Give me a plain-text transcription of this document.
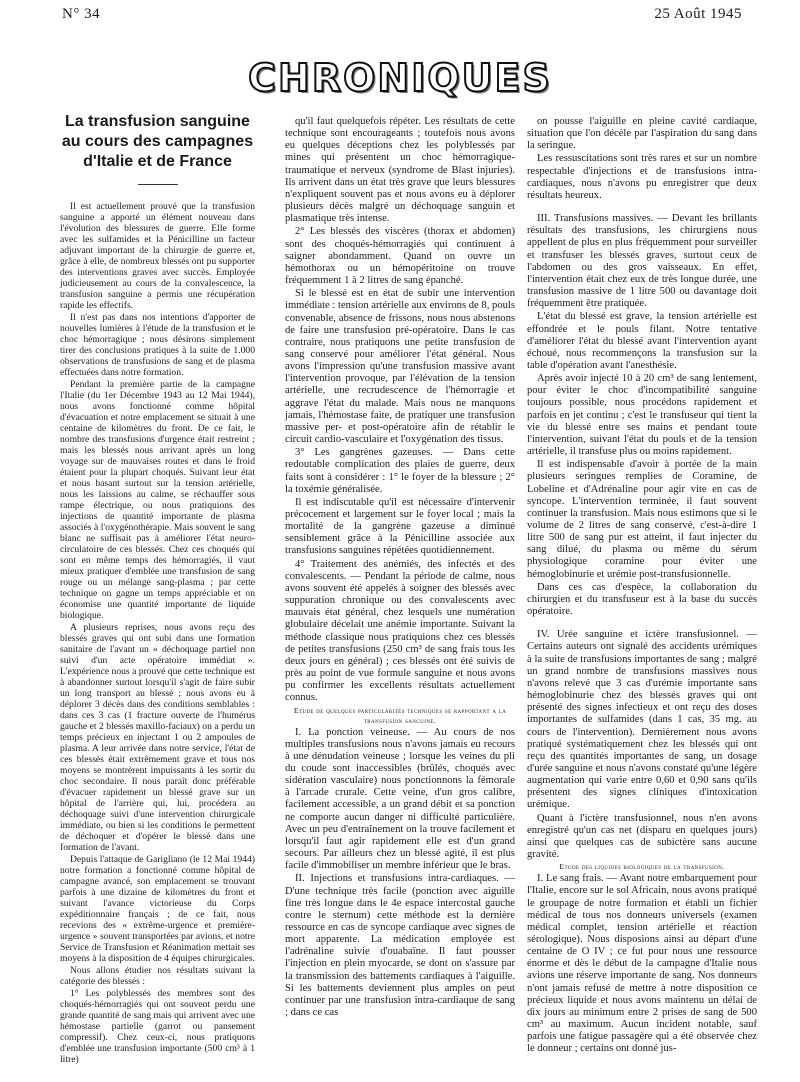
N° 34	25 Août 1945
CHRONIQUES
La transfusion sanguine au cours des campagnes d'Italie et de France

Il est actuellement prouvé que la transfusion sanguine a apporté un élément nouveau dans l'évolution des blessures de guerre. Elle forme avec les sulfamides et la Pénicilline un facteur adjuvant important de la chirurgie de guerre et, grâce à elle, de nombreux blessés ont pu supporter des interventions graves avec succès. Employée judicieusement au cours de la convalescence, la transfusion sanguine a permis une récupération rapide les effectifs.

Il n'est pas dans nos intentions d'apporter de nouvelles lumières à l'étude de la transfusion et le choc hémorragique ; nous désirons simplement tirer des conclusions pratiques à la suite de 1.000 observations de transfusions de sang et de plasma effectuées dans notre formation.

Pendant la première partie de la campagne l'Italie (du 1er Décembre 1943 au 12 Mai 1944), nous avons fonctionné comme hôpital d'évacuation et notre emplacement se situait à une centaine de kilomètres du front. De ce fait, le nombre des transfusions d'urgence était restreint ; mais les blessés nous arrivant après un long voyage sur de mauvaises routes et dans le froid étaient pour la plupart choqués. Suivant leur état et nous basant surtout sur la tension artérielle, nous les laissions au calme, se réchauffer sous rampe électrique, ou nous pratiquions des injections de quantité importante de plasma associés à l'oxygénothérapie. Mais souvent le sang blanc ne suffisait pas à améliorer l'état neuro-circulatoire de ces blessés. Chez ces choqués qui sont en même temps des hémorragiés, il vaut mieux pratiquer d'emblée une transfusion de sang rouge ou un mélange sang-plasma ; par cette technique on gagne un temps appréciable et on économise une quantité importante de liquide biologique.

A plusieurs reprises, nous avons reçu des blessés graves qui ont subi dans une formation sanitaire de l'avant un « déchoquage partiel non suivi d'un acte opératoire immédiat ». L'expérience nous a prouvé que cette technique est à abandonner surtout lorsqu'il s'agit de faire subir un long transport au blessé ; nous avons eu à déplorer 3 décès dans des conditions semblables : dans ces 3 cas (1 fracture ouverte de l'humérus gauche et 2 blessés maxillo-faciaux) on a perdu un temps précieux en injectant 1 ou 2 ampoules de plasma. A leur arrivée dans notre service, l'état de ces blessés était extrêmement grave et tous nos moyens se montrèrent impuissants à les sortir du choc secondaire. Il nous paraît donc préférable d'évacuer rapidement un blessé grave sur un hôpital de l'arrière qui, lui, procédera au déchoquage suivi d'une intervention chirurgicale immédiate, ou bien si les conditions le permettent de déchoquer et d'opérer le blessé dans une formation de l'avant.

Depuis l'attaque de Garigliano (le 12 Mai 1944) notre formation a fonctionné comme hôpital de campagne avancé, son emplacement se trouvant parfois à une dizaine de kilomètres du front et suivant l'avance victorieuse du Corps expéditionnaire français ; de ce fait, nous recevions des « extrême-urgence et première-urgence » souvent transportées par avions, et notre Service de Transfusion et Réanimation mettait ses moyens à la disposition de 4 équipes chirurgicales.

Nous allons étudier nos résultats suivant la catégorie des blessés :

1° Les polyblessés des membres sont des choqués-hémorragiés qui ont souvent perdu une grande quantité de sang mais qui arrivent avec une hémostase partielle (garrot ou pansement compressif). Chez ceux-ci, nous pratiquons d'emblée une transfusion importante (500 cm³ à 1 litre)

qu'il faut quelquefois répéter. Les résultats de cette technique sont encourageants ; toutefois nous avons eu quelques déceptions chez les polyblessés par mines qui présentent un choc hémorragique-traumatique et nerveux (syndrome de Blast injuries). Ils arrivent dans un état très grave que leurs blessures n'expliquent souvent pas et nous avons eu à déplorer plusieurs décès malgré un déchoquage sanguin et plasmatique très intense.

2° Les blessés des viscères (thorax et abdomen) sont des choqués-hémorragiés qui continuent à saigner abondamment. Quand on ouvre un hémothorax ou un hémopéritoine on trouve fréquemment 1 à 2 litres de sang épanché.

Si le blessé est en état de subir une intervention immédiate : tension artérielle aux environs de 8, pouls convenable, absence de frissons, nous nous abstenons de faire une transfusion pré-opératoire. Dans le cas contraire, nous pratiquons une petite transfusion de sang conservé pour améliorer l'état général. Nous avons l'impression qu'une transfusion massive avant l'intervention provoque, par l'élévation de la tension artérielle, une recrudescence de l'hémorragie et aggrave l'état du malade. Mais nous ne manquons jamais, l'hémostase faite, de pratiquer une transfusion massive per- et post-opératoire afin de rétablir le circuit cardio-vasculaire et l'oxygénation des tissus.

3° Les gangrènes gazeuses. — Dans cette redoutable complication des plaies de guerre, deux faits sont à considérer : 1° le foyer de la blessure ; 2° la toxémie généralisée.

Il est indiscutable qu'il est nécessaire d'intervenir précocement et largement sur le foyer local ; mais la mortalité de la gangrène gazeuse a diminué sensiblement grâce à la Pénicilline associée aux transfusions sanguines répétées quotidiennement.

4° Traitement des anémiés, des infectés et des convalescents. — Pendant la période de calme, nous avons souvent été appelés à soigner des blessés avec suppuration chronique ou des convalescents avec mauvais état général, chez lesquels une numération globulaire décelait une anémie importante. Suivant la méthode classique nous pratiquions chez ces blessés de petites transfusions (250 cm³ de sang frais tous les deux jours en général) ; ces blessés ont été suivis de près au point de vue formule sanguine et nous avons pu confirmer les excellents résultats actuellement connus.

Etude de quelques particularités techniques se rapportant a la transfusion sanguine.

I. La ponction veineuse. — Au cours de nos multiples transfusions nous n'avons jamais eu recours à une dénudation veineuse ; lorsque les veines du pli du coude sont inaccessibles (brûlés, choqués avec sidération vasculaire) nous ponctionnons la fémorale à l'arcade crurale. Cette veine, d'un gros calibre, facilement accessible, a un grand débit et sa ponction ne comporte aucun danger ni difficulté particulière. Avec un peu d'entraînement on la trouve facilement et lorsqu'il faut agir rapidement elle est d'un grand secours. Par ailleurs chez un blessé agité, il est plus facile d'immobiliser un membre inférieur que le bras.

II. Injections et transfusions intra-cardiaques. — D'une technique très facile (ponction avec aiguille fine très longue dans le 4e espace intercostal gauche contre le sternum) cette méthode est la dernière ressource en cas de syncope cardiaque avec signes de mort apparente. La médication employée est l'adrénaline suivie d'ouabaïne. Il faut pousser l'injection en plein myocarde, se dont on s'assure par la transmission des battements cardiaques à l'aiguille. Si les battements deviennent plus amples on peut continuer par une transfusion intra-cardiaque de sang ; dans ce cas

on pousse l'aiguille en pleine cavité cardiaque, situation que l'on décèle par l'aspiration du sang dans la seringue.

Les ressuscitations sont très rares et sur un nombre respectable d'injections et de transfusions intra-cardiaques, nous n'avons pu enregistrer que deux résultats heureux.

III. Transfusions massives. — Devant les brillants résultats des transfusions, les chirurgiens nous appellent de plus en plus fréquemment pour surveiller et transfuser les blessés graves, surtout ceux de l'abdomen ou des gros vaisseaux. En effet, l'intervention était chez eux de très longue durée, une transfusion massive de 1 litre 500 ou davantage doit fréquemment être pratiquée.

L'état du blessé est grave, la tension artérielle est effondrée et le pouls filant. Notre tentative d'améliorer l'état du blessé avant l'intervention ayant échoué, nous recommençons la transfusion sur la table d'opération avant l'anesthésie.

Après avoir injecté 10 à 20 cm³ de sang lentement, pour éviter le choc d'incompatibilité sanguine toujours possible, nous procédons rapidement et parfois en jet continu ; c'est le transfuseur qui tient la vie du blessé entre ses mains et pendant toute l'intervention, suivant l'état du pouls et de la tension artérielle, il transfuse plus ou moins rapidement.

Il est indispensable d'avoir à portée de la main plusieurs seringues remplies de Coramine, de Lobeline et d'Adrénaline pour agir vite en cas de syncope. L'intervention terminée, il faut souvent continuer la transfusion. Mais nous estimons que si le volume de 2 litres de sang conservé, c'est-à-dire 1 litre 500 de sang pur est atteint, il faut injecter du sang dilué, du plasma ou même du sérum physiologique coramine pour éviter une hémoglobinurie et urémie post-transfusionnelle.

Dans ces cas d'espèce, la collaboration du chirurgien et du transfuseur est à la base du succès opératoire.

IV. Urée sanguine et ictère transfusionnel. — Certains auteurs ont signalé des accidents urémiques à la suite de transfusions importantes de sang ; malgré un grand nombre de transfusions massives nous n'avons relevé que 3 cas d'urémie importante sans hémoglobinurie chez des blessés graves qui ont présenté des signes infectieux et ont reçu des doses importantes de sulfamides (dans 1 cas, 35 mg. au cours de l'intervention). Dernièrement nous avons pratiqué systématiquement chez les blessés qui ont reçu des quantités importantes de sang, un dosage d'urée sanguine et nous n'avons constaté qu'une légère augmentation qui varie entre 0,60 et 0,90 sans qu'ils présentent des signes cliniques d'intoxication urémique.

Quant à l'ictère transfusionnel, nous n'en avons enregistré qu'un cas net (disparu en quelques jours) ainsi que quelques cas de subictère sans aucune gravité.

Etude des liquides biologiques de la transfusion.

I. Le sang frais. — Avant notre embarquement pour l'Italie, encore sur le sol Africain, nous avons pratiqué le groupage de notre formation et établi un fichier médical de tous nos donneurs universels (examen médical complet, tension artérielle et réaction sérologique). Nous disposions ainsi au départ d'une centaine de O IV ; ce fut pour nous une ressource énorme et dès le début de la campagne d'Italie nous avions une réserve importante de sang. Nos donneurs n'ont jamais refusé de mettre à notre disposition ce précieux liquide et nous avons maintenu un délai de dix jours au minimum entre 2 prises de sang de 500 cm³ au maximum. Aucun incident notable, sauf parfois une fatigue passagère qui a été observée chez le donneur ; certains ont donné jus-
